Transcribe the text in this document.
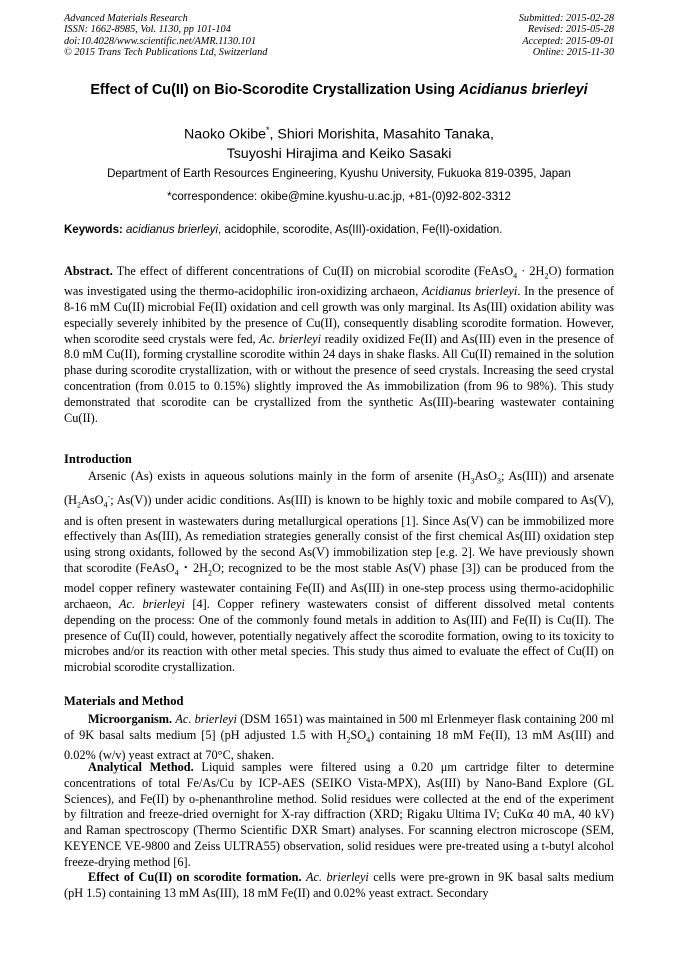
Advanced Materials Research
ISSN: 1662-8985, Vol. 1130, pp 101-104
doi:10.4028/www.scientific.net/AMR.1130.101
© 2015 Trans Tech Publications Ltd, Switzerland
Submitted: 2015-02-28
Revised: 2015-05-28
Accepted: 2015-09-01
Online: 2015-11-30
Effect of Cu(II) on Bio-Scorodite Crystallization Using Acidianus brierleyi
Naoko Okibe*, Shiori Morishita, Masahito Tanaka,
Tsuyoshi Hirajima and Keiko Sasaki
Department of Earth Resources Engineering, Kyushu University, Fukuoka 819-0395, Japan
*correspondence: okibe@mine.kyushu-u.ac.jp, +81-(0)92-802-3312
Keywords: acidianus brierleyi, acidophile, scorodite, As(III)-oxidation, Fe(II)-oxidation.
Abstract. The effect of different concentrations of Cu(II) on microbial scorodite (FeAsO$_4$ · $2H_2O$) formation was investigated using the thermo-acidophilic iron-oxidizing archaeon, Acidianus brierleyi. In the presence of 8-16 mM Cu(II) microbial Fe(II) oxidation and cell growth was only marginal. Its As(III) oxidation ability was especially severely inhibited by the presence of Cu(II), consequently disabling scorodite formation. However, when scorodite seed crystals were fed, Ac. brierleyi readily oxidized Fe(II) and As(III) even in the presence of 8.0 mM Cu(II), forming crystalline scorodite within 24 days in shake flasks. All Cu(II) remained in the solution phase during scorodite crystallization, with or without the presence of seed crystals. Increasing the seed crystal concentration (from 0.015 to 0.15%) slightly improved the As immobilization (from 96 to 98%). This study demonstrated that scorodite can be crystallized from the synthetic As(III)-bearing wastewater containing Cu(II).
Introduction
Arsenic (As) exists in aqueous solutions mainly in the form of arsenite ($H_3AsO_3$; As(III)) and arsenate ($H_2AsO_4^-$; As(V)) under acidic conditions. As(III) is known to be highly toxic and mobile compared to As(V), and is often present in wastewaters during metallurgical operations [1]. Since As(V) can be immobilized more effectively than As(III), As remediation strategies generally consist of the first chemical As(III) oxidation step using strong oxidants, followed by the second As(V) immobilization step [e.g. 2]. We have previously shown that scorodite (FeAsO$_4$・$2H_2O$; recognized to be the most stable As(V) phase [3]) can be produced from the model copper refinery wastewater containing Fe(II) and As(III) in one-step process using thermo-acidophilic archaeon, Ac. brierleyi [4]. Copper refinery wastewaters consist of different dissolved metal contents depending on the process: One of the commonly found metals in addition to As(III) and Fe(II) is Cu(II). The presence of Cu(II) could, however, potentially negatively affect the scorodite formation, owing to its toxicity to microbes and/or its reaction with other metal species. This study thus aimed to evaluate the effect of Cu(II) on microbial scorodite crystallization.
Materials and Method
Microorganism. Ac. brierleyi (DSM 1651) was maintained in 500 ml Erlenmeyer flask containing 200 ml of 9K basal salts medium [5] (pH adjusted 1.5 with $H_2SO_4$) containing 18 mM Fe(II), 13 mM As(III) and 0.02% (w/v) yeast extract at 70°C, shaken.
Analytical Method. Liquid samples were filtered using a 0.20 μm cartridge filter to determine concentrations of total Fe/As/Cu by ICP-AES (SEIKO Vista-MPX), As(III) by Nano-Band Explore (GL Sciences), and Fe(II) by o-phenanthroline method. Solid residues were collected at the end of the experiment by filtration and freeze-dried overnight for X-ray diffraction (XRD; Rigaku Ultima IV; CuKα 40 mA, 40 kV) and Raman spectroscopy (Thermo Scientific DXR Smart) analyses. For scanning electron microscope (SEM, KEYENCE VE-9800 and Zeiss ULTRA55) observation, solid residues were pre-treated using a t-butyl alcohol freeze-drying method [6].
Effect of Cu(II) on scorodite formation. Ac. brierleyi cells were pre-grown in 9K basal salts medium (pH 1.5) containing 13 mM As(III), 18 mM Fe(II) and 0.02% yeast extract. Secondary
